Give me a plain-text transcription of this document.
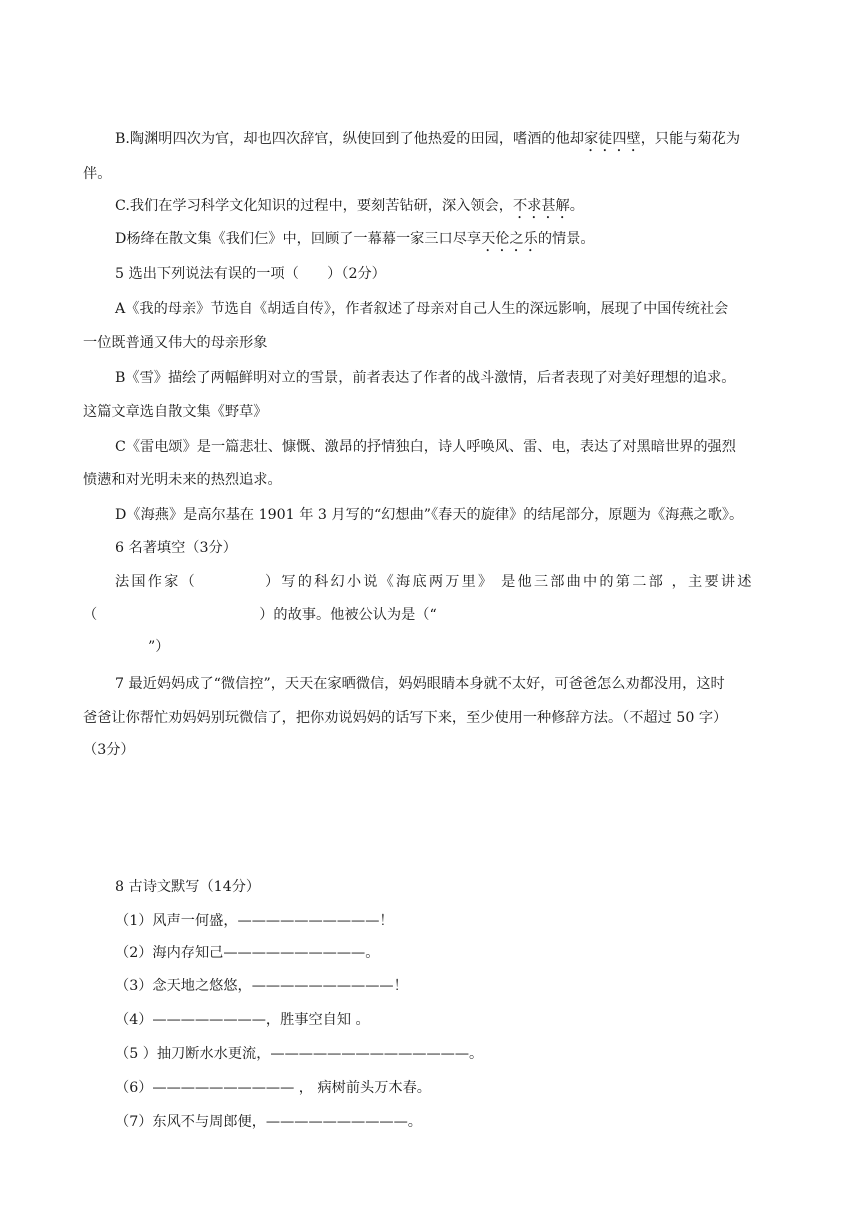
B.陶渊明四次为官，却也四次辞官，纵使回到了他热爱的田园，嗜酒的他却家徒四壁，只能与菊花为
伴。
C.我们在学习科学文化知识的过程中，要刻苦钻研，深入领会，不求甚解。
D杨绛在散文集《我们仨》中，回顾了一幕幕一家三口尽享天伦之乐的情景。
5 选出下列说法有误的一项（　　）（2分）
A《我的母亲》节选自《胡适自传》，作者叙述了母亲对自己人生的深远影响，展现了中国传统社会
一位既普通又伟大的母亲形象
B《雪》描绘了两幅鲜明对立的雪景，前者表达了作者的战斗激情，后者表现了对美好理想的追求。
这篇文章选自散文集《野草》
C《雷电颂》是一篇悲壮、慷慨、激昂的抒情独白，诗人呼唤风、雷、电，表达了对黑暗世界的强烈
愤懑和对光明未来的热烈追求。
D《海燕》是高尔基在 1901 年 3 月写的“幻想曲”《春天的旋律》的结尾部分，原题为《海燕之歌》。
6 名著填空（3分）
法国作家（	）写的科幻小说《海底两万里》 是他三部曲中的第二部 ，主要讲述
（	）的故事。他被公认为是（“
”）
7 最近妈妈成了“微信控”，天天在家晒微信，妈妈眼睛本身就不太好，可爸爸怎么劝都没用，这时
爸爸让你帮忙劝妈妈别玩微信了，把你劝说妈妈的话写下来，至少使用一种修辞方法。（不超过 50 字）
（3分）
8 古诗文默写（14分）
（1）风声一何盛，——————————！
（2）海内存知己——————————。
（3）念天地之悠悠，——————————！
（4）————————，胜事空自知 。
（5 ）抽刀断水水更流，——————————————。
（6）—————————— ， 病树前头万木春。
（7）东风不与周郎便，——————————。
